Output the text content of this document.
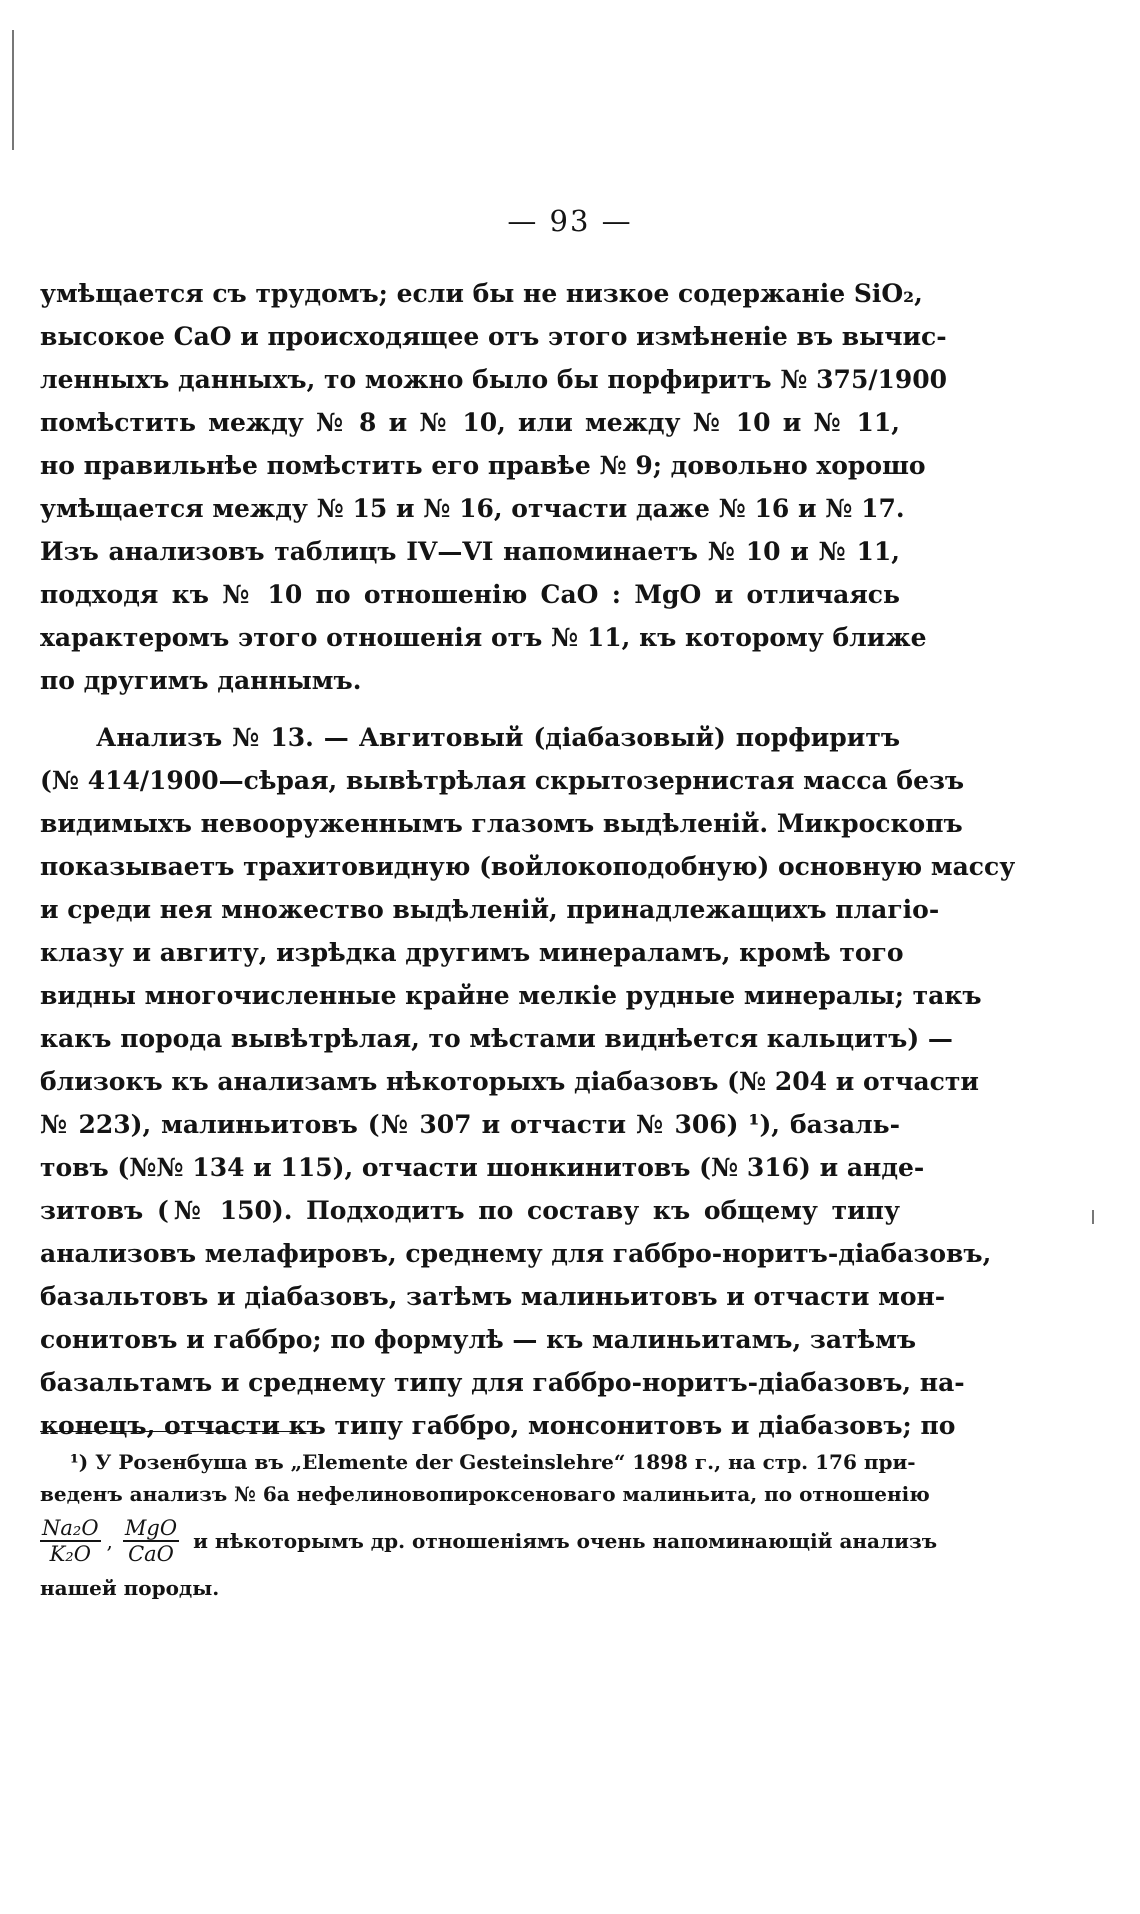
— 93 —
умѣщается съ трудомъ; если бы не низкое содержаніе SiO₂,
высокое CaO и происходящее отъ этого измѣненіе въ вычис-
ленныхъ данныхъ, то можно было бы порфиритъ № 375/1900
помѣстить между № 8 и № 10, или между № 10 и № 11,
но правильнѣе помѣстить его правѣе № 9; довольно хорошо
умѣщается между № 15 и № 16, отчасти даже № 16 и № 17.
Изъ анализовъ таблицъ IV—VI напоминаетъ № 10 и № 11,
подходя къ № 10 по отношенію CaO : MgO и отличаясь
характеромъ этого отношенія отъ № 11, къ которому ближе
по другимъ даннымъ.
Анализъ № 13. — Авгитовый (діабазовый) порфиритъ
(№ 414/1900—сѣрая, вывѣтрѣлая скрытозернистая масса безъ
видимыхъ невооруженнымъ глазомъ выдѣленій. Микроскопъ
показываетъ трахитовидную (войлокоподобную) основную массу
и среди нея множество выдѣленій, принадлежащихъ плагіо-
клазу и авгиту, изрѣдка другимъ минераламъ, кромѣ того
видны многочисленные крайне мелкіе рудные минералы; такъ
какъ порода вывѣтрѣлая, то мѣстами виднѣется кальцитъ) —
близокъ къ анализамъ нѣкоторыхъ діабазовъ (№ 204 и отчасти
№ 223), малиньитовъ (№ 307 и отчасти № 306) ¹), базаль-
товъ (№№ 134 и 115), отчасти шонкинитовъ (№ 316) и анде-
зитовъ (№ 150). Подходитъ по составу къ общему типу
анализовъ мелафировъ, среднему для габбро-норитъ-діабазовъ,
базальтовъ и діабазовъ, затѣмъ малиньитовъ и отчасти мон-
сонитовъ и габбро; по формулѣ — къ малиньитамъ, затѣмъ
базальтамъ и среднему типу для габбро-норитъ-діабазовъ, на-
конецъ, отчасти къ типу габбро, монсонитовъ и діабазовъ; по
¹) У Розенбуша въ „Elemente der Gesteinslehre“ 1898 г., на стр. 176 при-
веденъ анализъ № 6а нефелиновопироксеноваго малиньита, по отношенію
$\frac{\text{Na₂O}}{\text{K₂O}}$ , $\frac{\text{MgO}}{\text{CaO}}$ и нѣкоторымъ др. отношеніямъ очень напоминающій анализъ
нашей породы.
